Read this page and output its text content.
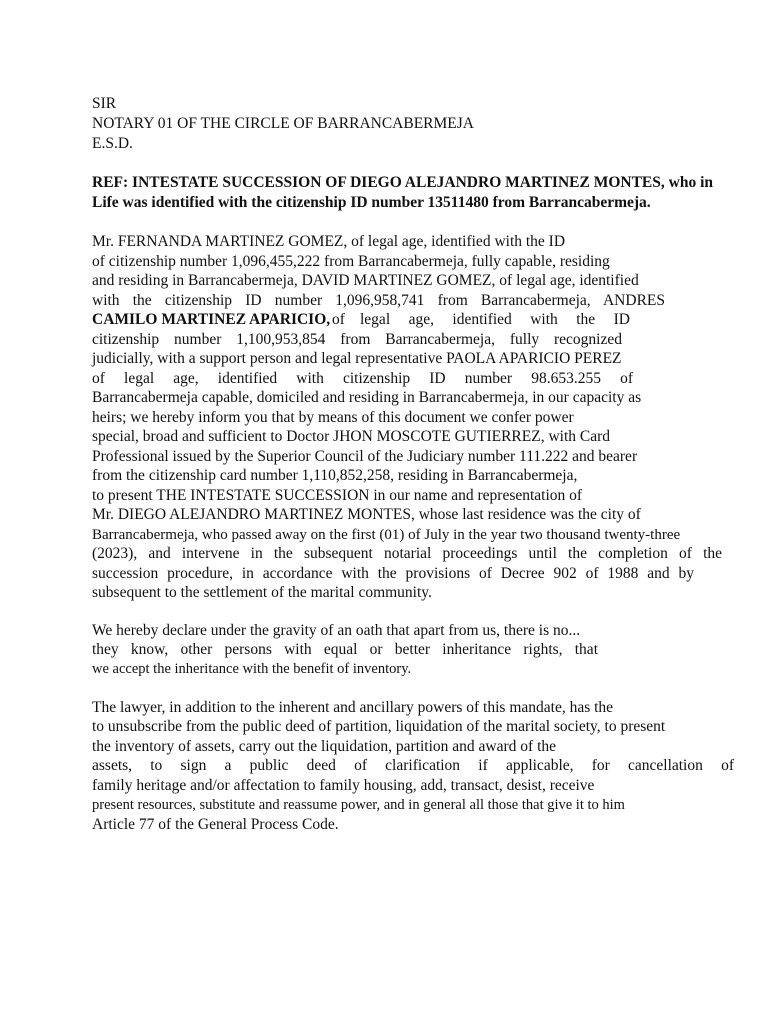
SIR
NOTARY 01 OF THE CIRCLE OF BARRANCABERMEJA
E.S.D.
REF: INTESTATE SUCCESSION OF DIEGO ALEJANDRO MARTINEZ MONTES, who in
Life was identified with the citizenship ID number 13511480 from Barrancabermeja.
Mr. FERNANDA MARTINEZ GOMEZ, of legal age, identified with the ID
of citizenship number 1,096,455,222 from Barrancabermeja, fully capable, residing
and residing in Barrancabermeja, DAVID MARTINEZ GOMEZ, of legal age, identified
with the citizenship ID number 1,096,958,741 from Barrancabermeja, ANDRES
CAMILO MARTINEZ APARICIO, of legal age, identified with the ID
citizenship number 1,100,953,854 from Barrancabermeja, fully recognized
judicially, with a support person and legal representative PAOLA APARICIO PEREZ
of legal age, identified with citizenship ID number 98.653.255 of
Barrancabermeja capable, domiciled and residing in Barrancabermeja, in our capacity as
heirs; we hereby inform you that by means of this document we confer power
special, broad and sufficient to Doctor JHON MOSCOTE GUTIERREZ, with Card
Professional issued by the Superior Council of the Judiciary number 111.222 and bearer
from the citizenship card number 1,110,852,258, residing in Barrancabermeja,
to present THE INTESTATE SUCCESSION in our name and representation of
Mr. DIEGO ALEJANDRO MARTINEZ MONTES, whose last residence was the city of
Barrancabermeja, who passed away on the first (01) of July in the year two thousand twenty-three
(2023), and intervene in the subsequent notarial proceedings until the completion of the
succession procedure, in accordance with the provisions of Decree 902 of 1988 and by
subsequent to the settlement of the marital community.
We hereby declare under the gravity of an oath that apart from us, there is no...
they know, other persons with equal or better inheritance rights, that
we accept the inheritance with the benefit of inventory.
The lawyer, in addition to the inherent and ancillary powers of this mandate, has the
to unsubscribe from the public deed of partition, liquidation of the marital society, to present
the inventory of assets, carry out the liquidation, partition and award of the
assets, to sign a public deed of clarification if applicable, for cancellation of
family heritage and/or affectation to family housing, add, transact, desist, receive
present resources, substitute and reassume power, and in general all those that give it to him
Article 77 of the General Process Code.
